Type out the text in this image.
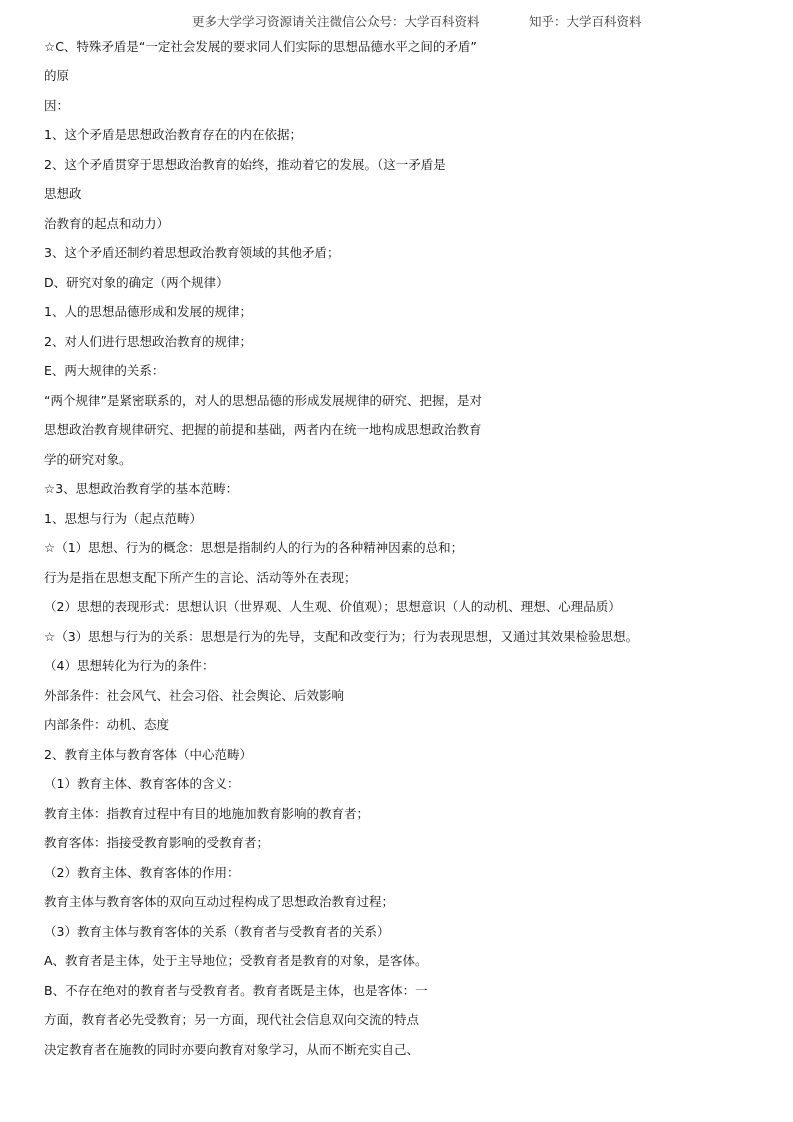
更多大学学习资源请关注微信公众号：大学百科资料	知乎：大学百科资料
☆C、特殊矛盾是“一定社会发展的要求同人们实际的思想品德水平之间的矛盾”
的原
因：
1、这个矛盾是思想政治教育存在的内在依据；
2、这个矛盾贯穿于思想政治教育的始终，推动着它的发展。（这一矛盾是
思想政
治教育的起点和动力）
3、这个矛盾还制约着思想政治教育领域的其他矛盾；
D、研究对象的确定（两个规律）
1、人的思想品德形成和发展的规律；
2、对人们进行思想政治教育的规律；
E、两大规律的关系：
“两个规律”是紧密联系的，对人的思想品德的形成发展规律的研究、把握，是对
思想政治教育规律研究、把握的前提和基础，两者内在统一地构成思想政治教育
学的研究对象。
☆3、思想政治教育学的基本范畴：
1、思想与行为（起点范畴）
☆（1）思想、行为的概念：思想是指制约人的行为的各种精神因素的总和；
行为是指在思想支配下所产生的言论、活动等外在表现；
（2）思想的表现形式：思想认识（世界观、人生观、价值观）；思想意识（人的动机、理想、心理品质）
☆（3）思想与行为的关系：思想是行为的先导，支配和改变行为；行为表现思想，又通过其效果检验思想。
（4）思想转化为行为的条件：
外部条件：社会风气、社会习俗、社会舆论、后效影响
内部条件：动机、态度
2、教育主体与教育客体（中心范畴）
（1）教育主体、教育客体的含义：
教育主体：指教育过程中有目的地施加教育影响的教育者；
教育客体：指接受教育影响的受教育者；
（2）教育主体、教育客体的作用：
教育主体与教育客体的双向互动过程构成了思想政治教育过程；
（3）教育主体与教育客体的关系（教育者与受教育者的关系）
A、教育者是主体，处于主导地位；受教育者是教育的对象，是客体。
B、不存在绝对的教育者与受教育者。教育者既是主体，也是客体：一
方面，教育者必先受教育；另一方面，现代社会信息双向交流的特点
决定教育者在施教的同时亦要向教育对象学习，从而不断充实自己、
